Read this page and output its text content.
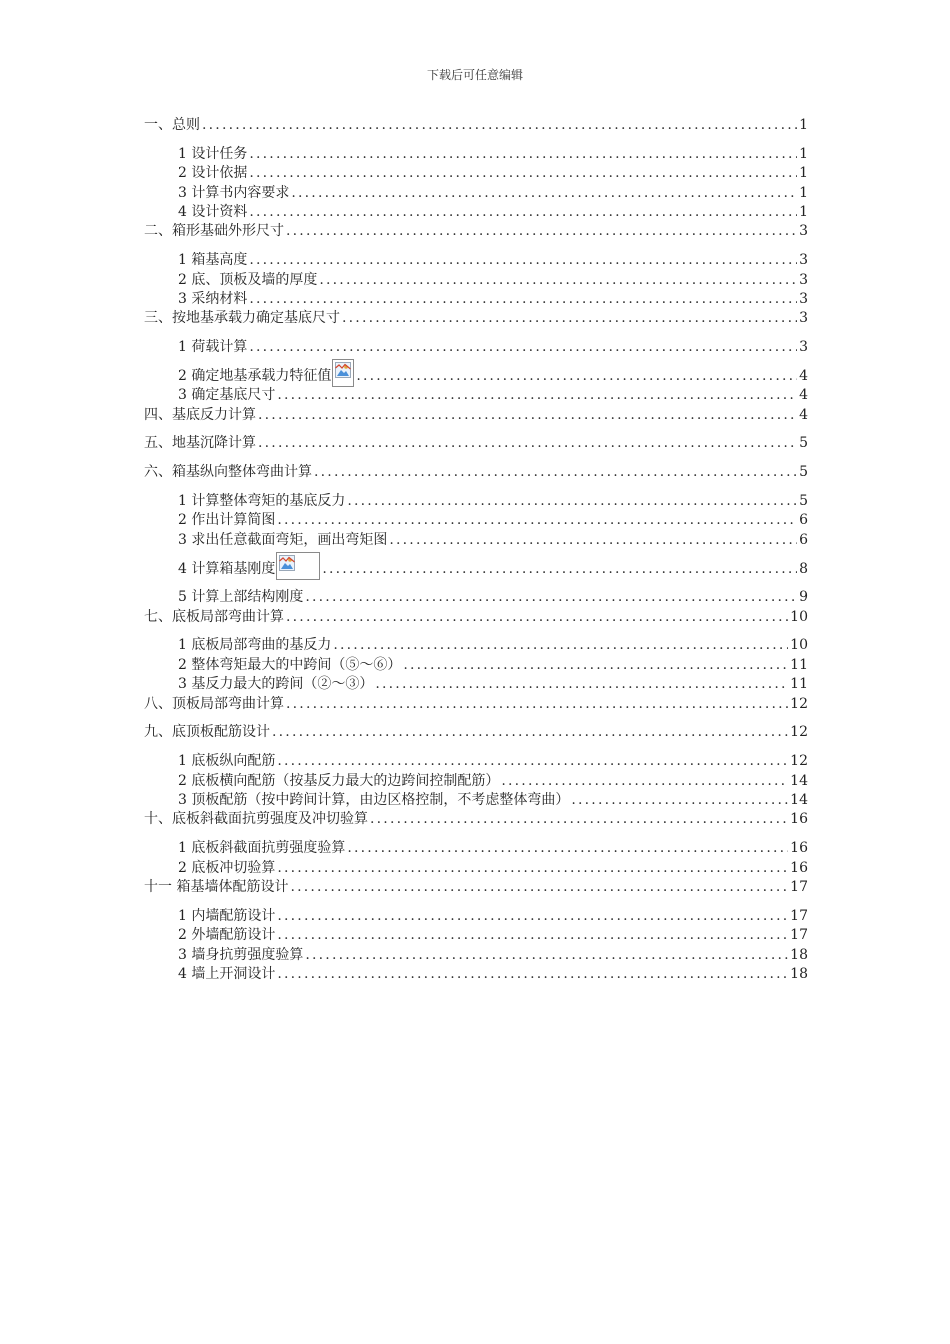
下载后可任意编辑
一、总则 .....	1
1 设计任务 .....	1
2 设计依据 .....	1
3 计算书内容要求 .....	1
4 设计资料 .....	1
二、箱形基础外形尺寸 .....	3
1 箱基高度 .....	3
2 底、顶板及墙的厚度 .....	3
3 采纳材料 .....	3
三、按地基承载力确定基底尺寸 .....	3
1 荷载计算 .....	3
2 确定地基承载力特征值 .....	4
3 确定基底尺寸 .....	4
四、基底反力计算 .....	4
五、地基沉降计算 .....	5
六、箱基纵向整体弯曲计算 .....	5
1 计算整体弯矩的基底反力 .....	5
2 作出计算简图 .....	6
3 求出任意截面弯矩，画出弯矩图 .....	6
4 计算箱基刚度 .....	8
5 计算上部结构刚度 .....	9
七、底板局部弯曲计算 .....	10
1 底板局部弯曲的基反力 .....	10
2 整体弯矩最大的中跨间（⑤～⑥） .....	11
3 基反力最大的跨间（②～③） .....	11
八、顶板局部弯曲计算 .....	12
九、底顶板配筋设计 .....	12
1 底板纵向配筋 .....	12
2 底板横向配筋（按基反力最大的边跨间控制配筋） .....	14
3 顶板配筋（按中跨间计算，由边区格控制，不考虑整体弯曲） .....	14
十、底板斜截面抗剪强度及冲切验算 .....	16
1 底板斜截面抗剪强度验算 .....	16
2 底板冲切验算 .....	16
十一 箱基墙体配筋设计 .....	17
1 内墙配筋设计 .....	17
2 外墙配筋设计 .....	17
3 墙身抗剪强度验算 .....	18
4 墙上开洞设计 .....	18
